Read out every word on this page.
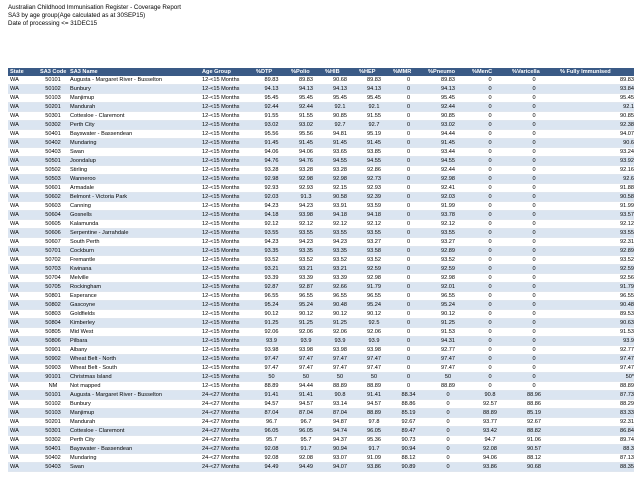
Australian Childhood Immunisation Register - Coverage Report
SA3 by age group(Age calculated as at 30SEP15)
Date of processing <= 31DEC15
State	SA3 Code	SA3 Name	Age Group	%DTP	%Polio	%HIB	%HEP	%MMR	%Pneumo	%MenC	%Varicella	% Fully Immunised
WA	50101	Augusta - Margaret River - Busselton	12-<15 Months	89.83	89.83	90.68	89.83	0	89.83	0	0	89.83
WA	50102	Bunbury	12-<15 Months	94.13	94.13	94.13	94.13	0	94.13	0	0	93.84
WA	50103	Manjimup	12-<15 Months	95.45	95.45	95.45	95.45	0	95.45	0	0	95.45
WA	50201	Mandurah	12-<15 Months	92.44	92.44	92.1	92.1	0	92.44	0	0	92.1
WA	50301	Cottesloe - Claremont	12-<15 Months	91.55	91.55	90.85	91.55	0	90.85	0	0	90.85
WA	50302	Perth City	12-<15 Months	93.02	93.02	92.7	92.7	0	93.02	0	0	92.38
WA	50401	Bayswater - Bassendean	12-<15 Months	95.56	95.56	94.81	95.19	0	94.44	0	0	94.07
WA	50402	Mundaring	12-<15 Months	91.45	91.45	91.45	91.45	0	91.45	0	0	90.6
WA	50403	Swan	12-<15 Months	94.06	94.06	93.65	93.85	0	93.44	0	0	93.24
WA	50501	Joondalup	12-<15 Months	94.76	94.76	94.55	94.55	0	94.55	0	0	93.92
WA	50502	Stirling	12-<15 Months	93.28	93.28	93.28	92.86	0	92.44	0	0	92.16
WA	50503	Wanneroo	12-<15 Months	92.98	92.98	92.98	92.73	0	92.98	0	0	92.6
WA	50601	Armadale	12-<15 Months	92.93	92.93	92.15	92.93	0	92.41	0	0	91.88
WA	50602	Belmont - Victoria Park	12-<15 Months	92.03	91.3	90.58	92.39	0	92.03	0	0	90.58
WA	50603	Canning	12-<15 Months	94.23	94.23	93.91	93.59	0	91.99	0	0	91.99
WA	50604	Gosnells	12-<15 Months	94.18	93.98	94.18	94.18	0	93.78	0	0	93.57
WA	50605	Kalamunda	12-<15 Months	92.12	92.12	92.12	92.12	0	92.12	0	0	92.12
WA	50606	Serpentine - Jarrahdale	12-<15 Months	93.55	93.55	93.55	93.55	0	93.55	0	0	93.55
WA	50607	South Perth	12-<15 Months	94.23	94.23	94.23	93.27	0	93.27	0	0	92.31
WA	50701	Cockburn	12-<15 Months	93.35	93.35	93.35	93.58	0	92.89	0	0	92.89
WA	50702	Fremantle	12-<15 Months	93.52	93.52	93.52	93.52	0	93.52	0	0	93.52
WA	50703	Kwinana	12-<15 Months	93.21	93.21	93.21	92.59	0	92.59	0	0	92.59
WA	50704	Melville	12-<15 Months	93.39	93.39	93.39	92.98	0	92.98	0	0	92.56
WA	50705	Rockingham	12-<15 Months	92.87	92.87	92.66	91.79	0	92.01	0	0	91.79
WA	50801	Esperance	12-<15 Months	96.55	96.55	96.55	96.55	0	96.55	0	0	96.55
WA	50802	Gascoyne	12-<15 Months	95.24	95.24	90.48	95.24	0	95.24	0	0	90.48
WA	50803	Goldfields	12-<15 Months	90.12	90.12	90.12	90.12	0	90.12	0	0	89.53
WA	50804	Kimberley	12-<15 Months	91.25	91.25	91.25	92.5	0	91.25	0	0	90.63
WA	50805	Mid West	12-<15 Months	92.06	92.06	92.06	92.06	0	91.53	0	0	91.53
WA	50806	Pilbara	12-<15 Months	93.9	93.9	93.9	93.9	0	94.31	0	0	93.9
WA	50901	Albany	12-<15 Months	93.98	93.98	93.98	93.98	0	92.77	0	0	92.77
WA	50902	Wheat Belt - North	12-<15 Months	97.47	97.47	97.47	97.47	0	97.47	0	0	97.47
WA	50903	Wheat Belt - South	12-<15 Months	97.47	97.47	97.47	97.47	0	97.47	0	0	97.47
WA	90101	Christmas Island	12-<15 Months	50	50	50	50	0	50	0	0	50*
WA	NM	Not mapped	12-<15 Months	88.89	94.44	88.89	88.89	0	88.89	0	0	88.89
WA	50101	Augusta - Margaret River - Busselton	24-<27 Months	91.41	91.41	90.8	91.41	88.34	0	90.8	88.96	87.73
WA	50102	Bunbury	24-<27 Months	94.57	94.57	93.14	94.57	88.86	0	92.57	88.86	88.29
WA	50103	Manjimup	24-<27 Months	87.04	87.04	87.04	88.89	85.19	0	88.89	85.19	83.33
WA	50201	Mandurah	24-<27 Months	96.7	96.7	94.87	97.8	92.67	0	93.77	92.67	92.31
WA	50301	Cottesloe - Claremont	24-<27 Months	96.05	96.05	94.74	96.05	89.47	0	93.42	88.82	86.84
WA	50302	Perth City	24-<27 Months	95.7	95.7	94.37	95.36	90.73	0	94.7	91.06	89.74
WA	50401	Bayswater - Bassendean	24-<27 Months	92.08	91.7	90.94	91.7	90.94	0	92.08	90.57	88.3
WA	50402	Mundaring	24-<27 Months	92.08	92.08	93.07	91.09	88.12	0	94.06	88.12	87.13
WA	50403	Swan	24-<27 Months	94.49	94.49	94.07	93.86	90.89	0	93.86	90.68	88.35
